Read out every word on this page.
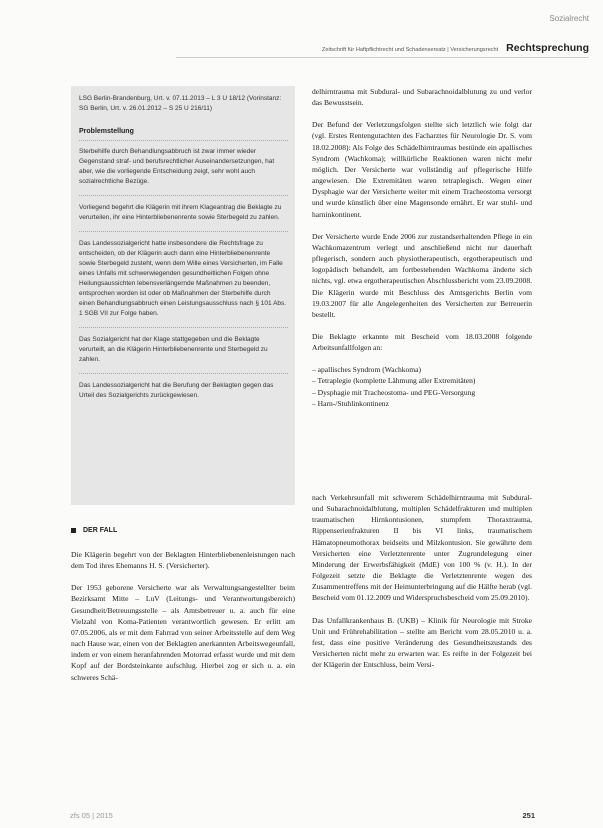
Sozialrecht
Zeitschrift für Haftpflichtrecht und Schadensersatz | Versicherungsrecht Rechtsprechung

LSG Berlin-Brandenburg, Urt. v. 07.11.2013 – L 3 U 18/12 (Vorinstanz: SG Berlin, Urt. v. 26.01.2012 – S 25 U 216/11)

Problemstellung

Sterbehilfe durch Behandlungsabbruch ist zwar immer wieder Gegenstand straf- und berufsrechtlicher Auseinandersetzungen, hat aber, wie die vorliegende Entscheidung zeigt, sehr wohl auch sozialrechtliche Bezüge.

Vorliegend begehrt die Klägerin mit ihrem Klageantrag die Beklagte zu verurteilen, ihr eine Hinterbliebenenrente sowie Sterbegeld zu zahlen.

Das Landessozialgericht hatte insbesondere die Rechtsfrage zu entscheiden, ob der Klägerin auch dann eine Hinterbliebenenrente sowie Sterbegeld zusteht, wenn dem Wille eines Versicherten, im Falle eines Unfalls mit schwerwiegenden gesundheitlichen Folgen ohne Heilungsaussichten lebensverlängernde Maßnahmen zu beenden, entsprochen worden ist oder ob Maßnahmen der Sterbehilfe durch einen Behandlungsabbruch einen Leistungsausschluss nach § 101 Abs. 1 SGB VII zur Folge haben.

Das Sozialgericht hat der Klage stattgegeben und die Beklagte verurteilt, an die Klägerin Hinterbliebenenrente und Sterbegeld zu zahlen.

Das Landessozialgericht hat die Berufung der Beklagten gegen das Urteil des Sozialgerichts zurückgewiesen.

DER FALL

Die Klägerin begehrt von der Beklagten Hinterbliebenenleistungen nach dem Tod ihres Ehemanns H. S. (Versicherter).

Der 1953 geborene Versicherte war als Verwaltungsangestellter beim Bezirksamt Mitte – LuV (Leitungs- und Verantwortungsbereich) Gesundheit/Betreuungsstelle – als Amtsbetreuer u. a. auch für eine Vielzahl von Koma-Patienten verantwortlich gewesen. Er erlitt am 07.05.2006, als er mit dem Fahrrad von seiner Arbeitsstelle auf dem Weg nach Hause war, einen von der Beklagten anerkannten Arbeitswegeunfall, indem er von einem heranfahrenden Motorrad erfasst wurde und mit dem Kopf auf der Bordsteinkante aufschlug. Hierbei zog er sich u. a. ein schweres Schä-

delhirntrauma mit Subdural- und Subarachnoidalblutung zu und verlor das Bewusstsein.

Der Befund der Verletzungsfolgen stellte sich letztlich wie folgt dar (vgl. Erstes Rentengutachten des Facharztes für Neurologie Dr. S. vom 18.02.2008): Als Folge des Schädelhirntraumas bestünde ein apallisches Syndrom (Wachkoma); willkürliche Reaktionen waren nicht mehr möglich. Der Versicherte war vollständig auf pflegerische Hilfe angewiesen. Die Extremitäten waren tetraplegisch. Wegen einer Dysphagie war der Versicherte weiter mit einem Tracheostoma versorgt und wurde künstlich über eine Magensonde ernährt. Er war stuhl- und harninkontinent.

Der Versicherte wurde Ende 2006 zur zustandserhaltenden Pflege in ein Wachkomazentrum verlegt und anschließend nicht nur dauerhaft pflegerisch, sondern auch physiotherapeutisch, ergotherapeutisch und logopädisch behandelt, am fortbestehenden Wachkoma änderte sich nichts, vgl. etwa ergotherapeutischen Abschlussbericht vom 23.09.2008. Die Klägerin wurde mit Beschluss des Amtsgerichts Berlin vom 19.03.2007 für alle Angelegenheiten des Versicherten zur Betreuerin bestellt.

Die Beklagte erkannte mit Bescheid vom 18.03.2008 folgende Arbeitsunfallfolgen an:

– apallisches Syndrom (Wachkoma)
– Tetraplegie (komplette Lähmung aller Extremitäten)
– Dysphagie mit Tracheostoma- und PEG-Versorgung
– Harn-/Stuhlinkontinenz

nach Verkehrsunfall mit schwerem Schädelhirntrauma mit Subdural- und Subarachnoidalblutung, multiplen Schädelfrakturen und multiplen traumatischen Hirnkontusionen, stumpfem Thoraxtrauma, Rippenserienfrakturen II bis VI links, traumatischem Hämatopneumothorax beidseits und Milzkontusion. Sie gewährte dem Versicherten eine Verletztenrente unter Zugrundelegung einer Minderung der Erwerbsfähigkeit (MdE) von 100 % (v. H.). In der Folgezeit setzte die Beklagte die Verletztenrente wegen des Zusammentreffens mit der Heimunterbringung auf die Hälfte herab (vgl. Bescheid vom 01.12.2009 und Widerspruchsbescheid vom 25.09.2010).

Das Unfallkrankenhaus B. (UKB) – Klinik für Neurologie mit Stroke Unit und Frührehabilitation – stellte am Bericht vom 28.05.2010 u. a. fest, dass eine positive Veränderung des Gesundheitszustands des Versicherten nicht mehr zu erwarten war. Es reifte in der Folgezeit bei der Klägerin der Entschluss, beim Versi-

zfs 05 | 2015	251
